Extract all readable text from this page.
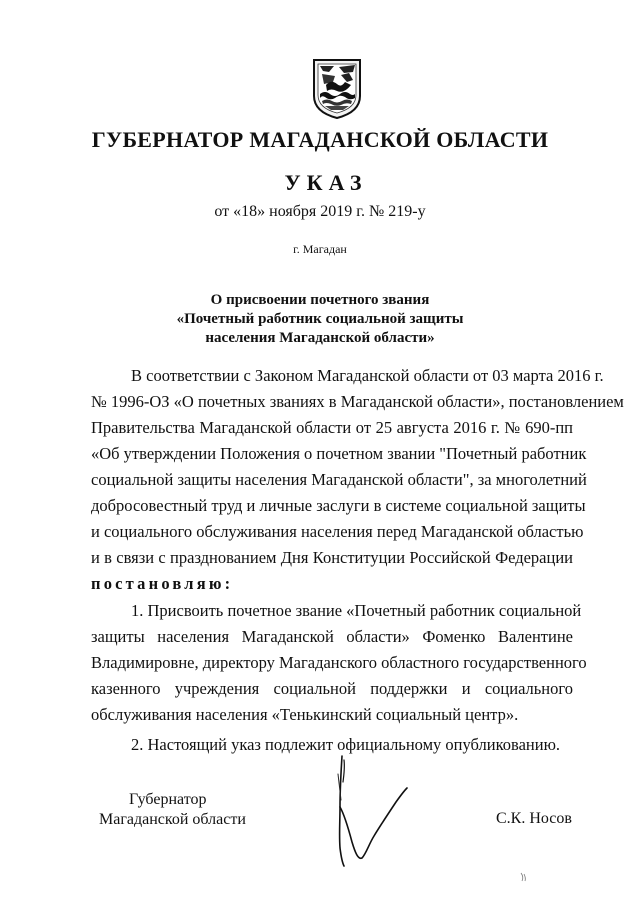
ГУБЕРНАТОР МАГАДАНСКОЙ ОБЛАСТИ
УКАЗ
от «18» ноября 2019 г. № 219-у
г. Магадан
О присвоении почетного звания
«Почетный работник социальной защиты
населения Магаданской области»
В соответствии с Законом Магаданской области от 03 марта 2016 г.
№ 1996-ОЗ «О почетных званиях в Магаданской области», постановлением
Правительства Магаданской области от 25 августа 2016 г. № 690-пп
«Об утверждении Положения о почетном звании "Почетный работник
социальной защиты населения Магаданской области", за многолетний
добросовестный труд и личные заслуги в системе социальной защиты
и социального обслуживания населения перед Магаданской областью
и в связи с празднованием Дня Конституции Российской Федерации
постановляю:
1. Присвоить почетное звание «Почетный работник социальной
защиты населения Магаданской области» Фоменко Валентине
Владимировне, директору Магаданского областного государственного
казенного учреждения социальной поддержки и социального
обслуживания населения «Тенькинский социальный центр».
2. Настоящий указ подлежит официальному опубликованию.
Губернатор
Магаданской области	С.К. Носов
